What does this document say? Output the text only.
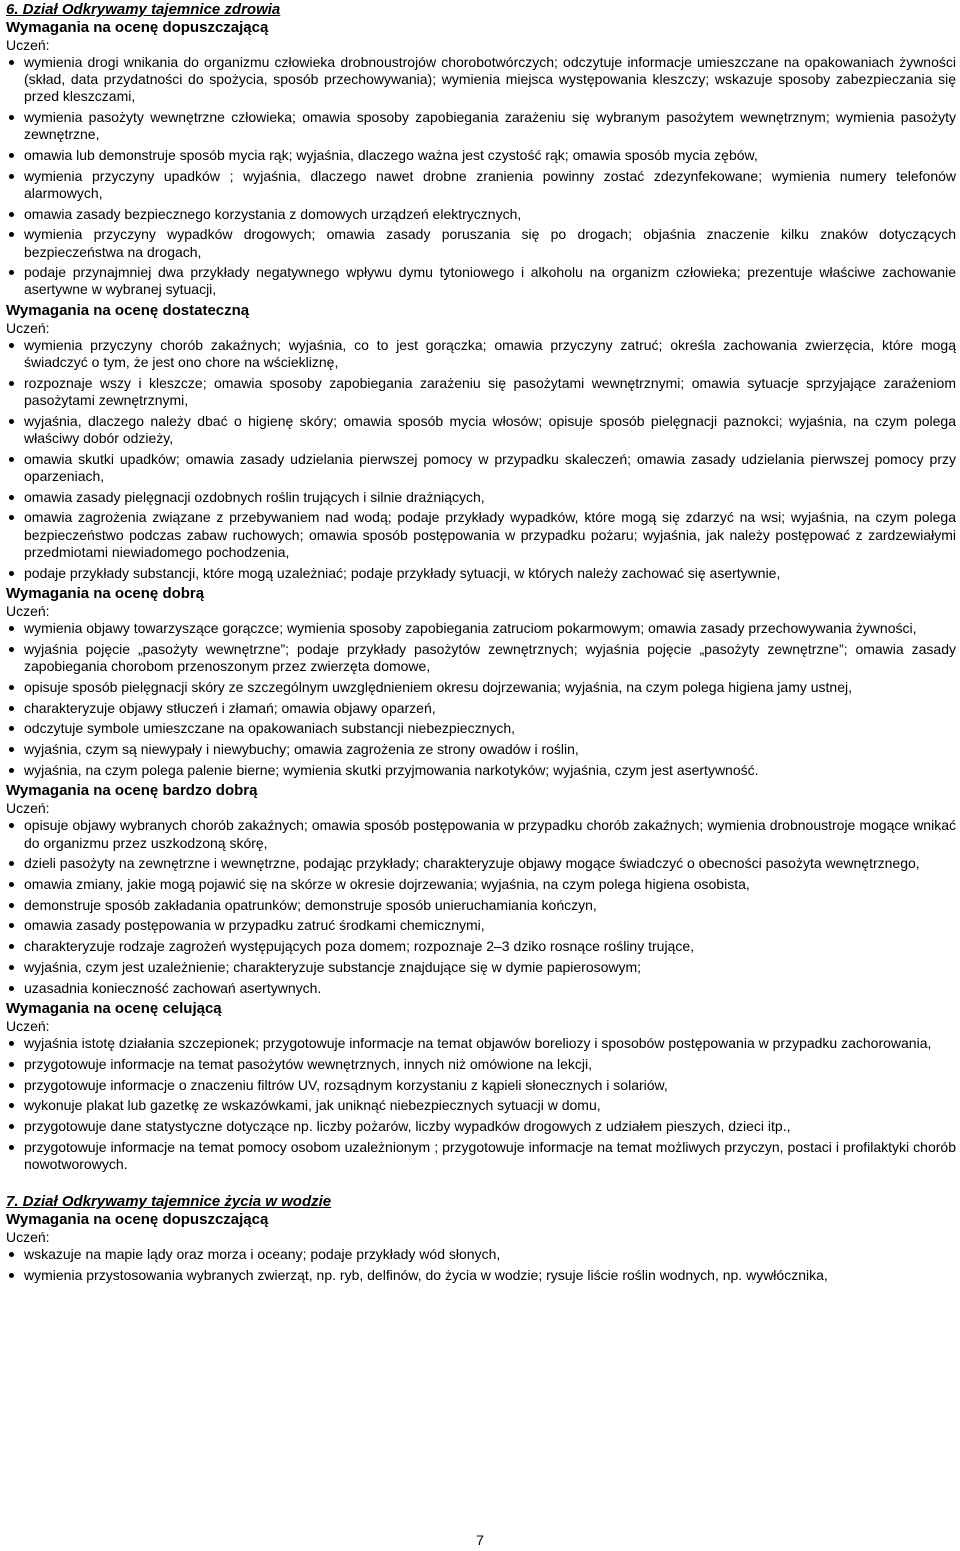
6. Dział Odkrywamy tajemnice zdrowia
Wymagania na ocenę dopuszczającą
Uczeń:
wymienia drogi wnikania do organizmu człowieka drobnoustrojów chorobotwórczych; odczytuje informacje umieszczane na opakowaniach żywności (skład, data przydatności do spożycia, sposób przechowywania); wymienia miejsca występowania kleszczy; wskazuje sposoby zabezpieczania się przed kleszczami,
wymienia pasożyty wewnętrzne człowieka; omawia sposoby zapobiegania zarażeniu się wybranym pasożytem wewnętrznym; wymienia pasożyty zewnętrzne,
omawia lub demonstruje sposób mycia rąk; wyjaśnia, dlaczego ważna jest czystość rąk; omawia sposób mycia zębów,
wymienia przyczyny upadków ; wyjaśnia, dlaczego nawet drobne zranienia powinny zostać zdezynfekowane; wymienia numery telefonów alarmowych,
omawia zasady bezpiecznego korzystania z domowych urządzeń elektrycznych,
wymienia przyczyny wypadków drogowych; omawia zasady poruszania się po drogach; objaśnia znaczenie kilku znaków dotyczących bezpieczeństwa na drogach,
podaje przynajmniej dwa przykłady negatywnego wpływu dymu tytoniowego i alkoholu na organizm człowieka; prezentuje właściwe zachowanie asertywne w wybranej sytuacji,
Wymagania na ocenę dostateczną
Uczeń:
wymienia przyczyny chorób zakaźnych; wyjaśnia, co to jest gorączka; omawia przyczyny zatruć; określa zachowania zwierzęcia, które mogą świadczyć o tym, że jest ono chore na wściekliznę,
rozpoznaje wszy i kleszcze; omawia sposoby zapobiegania zarażeniu się pasożytami wewnętrznymi; omawia sytuacje sprzyjające zarażeniom pasożytami zewnętrznymi,
wyjaśnia, dlaczego należy dbać o higienę skóry; omawia sposób mycia włosów; opisuje sposób pielęgnacji paznokci; wyjaśnia, na czym polega właściwy dobór odzieży,
omawia skutki upadków; omawia zasady udzielania pierwszej pomocy w przypadku skaleczeń; omawia zasady udzielania pierwszej pomocy przy oparzeniach,
omawia zasady pielęgnacji ozdobnych roślin trujących i silnie drażniących,
omawia zagrożenia związane z przebywaniem nad wodą; podaje przykłady wypadków, które mogą się zdarzyć na wsi; wyjaśnia, na czym polega bezpieczeństwo podczas zabaw ruchowych; omawia sposób postępowania w przypadku pożaru; wyjaśnia, jak należy postępować z zardzewiałymi przedmiotami niewiadomego pochodzenia,
podaje przykłady substancji, które mogą uzależniać; podaje przykłady sytuacji, w których należy zachować się asertywnie,
Wymagania na ocenę dobrą
Uczeń:
wymienia objawy towarzyszące gorączce; wymienia sposoby zapobiegania zatruciom pokarmowym; omawia zasady przechowywania żywności,
wyjaśnia pojęcie „pasożyty wewnętrzne”; podaje przykłady pasożytów zewnętrznych; wyjaśnia pojęcie „pasożyty zewnętrzne”; omawia zasady zapobiegania chorobom przenoszonym przez zwierzęta domowe,
opisuje sposób pielęgnacji skóry ze szczególnym uwzględnieniem okresu dojrzewania; wyjaśnia, na czym polega higiena jamy ustnej,
charakteryzuje objawy stłuczeń i złamań; omawia objawy oparzeń,
odczytuje symbole umieszczane na opakowaniach substancji niebezpiecznych,
wyjaśnia, czym są niewypały i niewybuchy; omawia zagrożenia ze strony owadów i roślin,
wyjaśnia, na czym polega palenie bierne; wymienia skutki przyjmowania narkotyków; wyjaśnia, czym jest asertywność.
Wymagania na ocenę bardzo dobrą
Uczeń:
opisuje objawy wybranych chorób zakaźnych; omawia sposób postępowania w przypadku chorób zakaźnych; wymienia drobnoustroje mogące wnikać do organizmu przez uszkodzoną skórę,
dzieli pasożyty na zewnętrzne i wewnętrzne, podając przykłady; charakteryzuje objawy mogące świadczyć o obecności pasożyta wewnętrznego,
omawia zmiany, jakie mogą pojawić się na skórze w okresie dojrzewania; wyjaśnia, na czym polega higiena osobista,
demonstruje sposób zakładania opatrunków; demonstruje sposób unieruchamiania kończyn,
omawia zasady postępowania w przypadku zatruć środkami chemicznymi,
charakteryzuje rodzaje zagrożeń występujących poza domem; rozpoznaje 2–3 dziko rosnące rośliny trujące,
wyjaśnia, czym jest uzależnienie; charakteryzuje substancje znajdujące się w dymie papierosowym;
uzasadnia konieczność zachowań asertywnych.
Wymagania na ocenę celującą
Uczeń:
wyjaśnia istotę działania szczepionek; przygotowuje informacje na temat objawów boreliozy i sposobów postępowania w przypadku zachorowania,
przygotowuje informacje na temat pasożytów wewnętrznych, innych niż omówione na lekcji,
przygotowuje informacje o znaczeniu filtrów UV, rozsądnym korzystaniu z kąpieli słonecznych i solariów,
wykonuje plakat lub gazetkę ze wskazówkami, jak uniknąć niebezpiecznych sytuacji w domu,
przygotowuje dane statystyczne dotyczące np. liczby pożarów, liczby wypadków drogowych z udziałem pieszych, dzieci itp.,
przygotowuje informacje na temat pomocy osobom uzależnionym ; przygotowuje informacje na temat możliwych przyczyn, postaci i profilaktyki chorób nowotworowych.
7. Dział Odkrywamy tajemnice życia w wodzie
Wymagania na ocenę dopuszczającą
Uczeń:
wskazuje na mapie lądy oraz morza i oceany; podaje przykłady wód słonych,
wymienia przystosowania wybranych zwierząt, np. ryb, delfinów, do życia w wodzie; rysuje liście roślin wodnych, np. wywłócznika,
7
